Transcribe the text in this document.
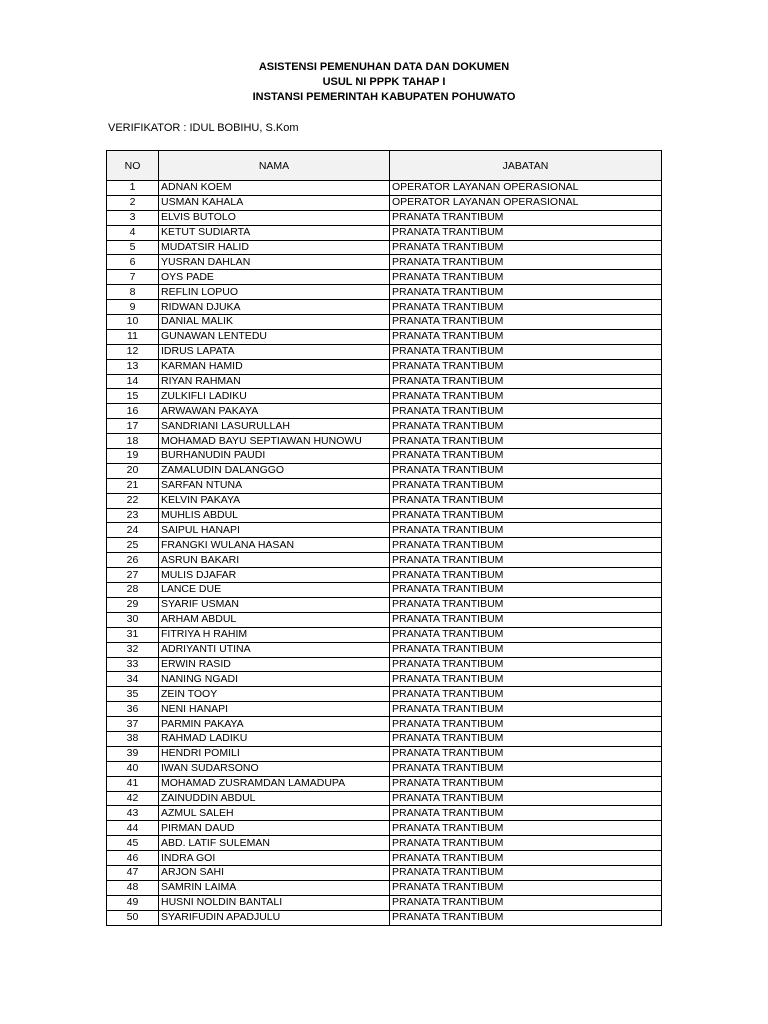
ASISTENSI PEMENUHAN DATA DAN DOKUMEN
USUL NI PPPK TAHAP I
INSTANSI PEMERINTAH KABUPATEN POHUWATO
VERIFIKATOR : IDUL BOBIHU, S.Kom
NO	NAMA	JABATAN
1	ADNAN KOEM	OPERATOR LAYANAN OPERASIONAL
2	USMAN KAHALA	OPERATOR LAYANAN OPERASIONAL
3	ELVIS BUTOLO	PRANATA TRANTIBUM
4	KETUT SUDIARTA	PRANATA TRANTIBUM
5	MUDATSIR HALID	PRANATA TRANTIBUM
6	YUSRAN DAHLAN	PRANATA TRANTIBUM
7	OYS PADE	PRANATA TRANTIBUM
8	REFLIN LOPUO	PRANATA TRANTIBUM
9	RIDWAN DJUKA	PRANATA TRANTIBUM
10	DANIAL MALIK	PRANATA TRANTIBUM
11	GUNAWAN LENTEDU	PRANATA TRANTIBUM
12	IDRUS LAPATA	PRANATA TRANTIBUM
13	KARMAN HAMID	PRANATA TRANTIBUM
14	RIYAN RAHMAN	PRANATA TRANTIBUM
15	ZULKIFLI LADIKU	PRANATA TRANTIBUM
16	ARWAWAN PAKAYA	PRANATA TRANTIBUM
17	SANDRIANI LASURULLAH	PRANATA TRANTIBUM
18	MOHAMAD BAYU SEPTIAWAN HUNOWU	PRANATA TRANTIBUM
19	BURHANUDIN PAUDI	PRANATA TRANTIBUM
20	ZAMALUDIN DALANGGO	PRANATA TRANTIBUM
21	SARFAN NTUNA	PRANATA TRANTIBUM
22	KELVIN PAKAYA	PRANATA TRANTIBUM
23	MUHLIS ABDUL	PRANATA TRANTIBUM
24	SAIPUL HANAPI	PRANATA TRANTIBUM
25	FRANGKI WULANA HASAN	PRANATA TRANTIBUM
26	ASRUN BAKARI	PRANATA TRANTIBUM
27	MULIS DJAFAR	PRANATA TRANTIBUM
28	LANCE DUE	PRANATA TRANTIBUM
29	SYARIF USMAN	PRANATA TRANTIBUM
30	ARHAM ABDUL	PRANATA TRANTIBUM
31	FITRIYA H RAHIM	PRANATA TRANTIBUM
32	ADRIYANTI UTINA	PRANATA TRANTIBUM
33	ERWIN RASID	PRANATA TRANTIBUM
34	NANING NGADI	PRANATA TRANTIBUM
35	ZEIN TOOY	PRANATA TRANTIBUM
36	NENI HANAPI	PRANATA TRANTIBUM
37	PARMIN PAKAYA	PRANATA TRANTIBUM
38	RAHMAD LADIKU	PRANATA TRANTIBUM
39	HENDRI POMILI	PRANATA TRANTIBUM
40	IWAN SUDARSONO	PRANATA TRANTIBUM
41	MOHAMAD ZUSRAMDAN LAMADUPA	PRANATA TRANTIBUM
42	ZAINUDDIN ABDUL	PRANATA TRANTIBUM
43	AZMUL SALEH	PRANATA TRANTIBUM
44	PIRMAN DAUD	PRANATA TRANTIBUM
45	ABD. LATIF SULEMAN	PRANATA TRANTIBUM
46	INDRA GOI	PRANATA TRANTIBUM
47	ARJON SAHI	PRANATA TRANTIBUM
48	SAMRIN LAIMA	PRANATA TRANTIBUM
49	HUSNI NOLDIN BANTALI	PRANATA TRANTIBUM
50	SYARIFUDIN APADJULU	PRANATA TRANTIBUM
